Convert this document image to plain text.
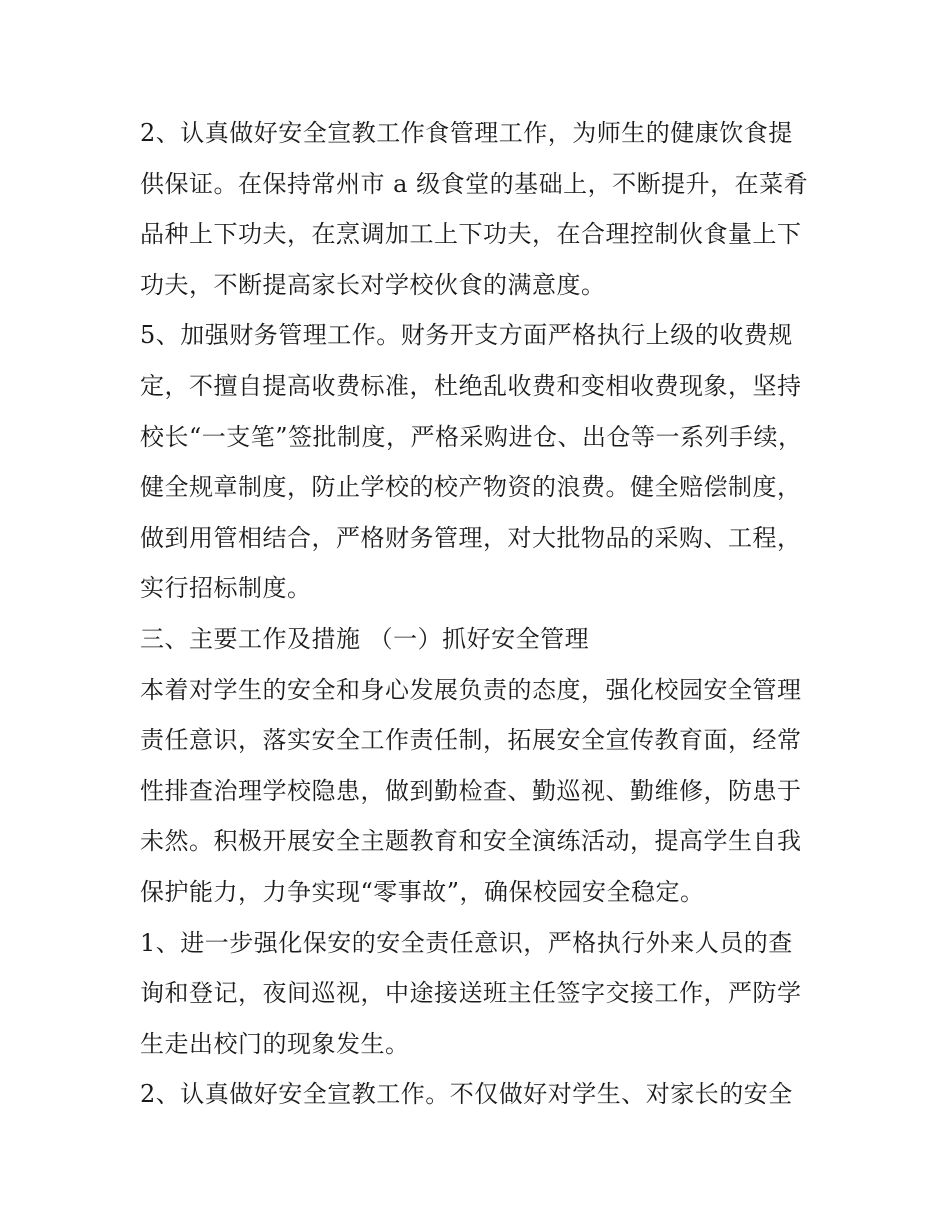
2、认真做好安全宣教工作食管理工作，为师生的健康饮食提
供保证。在保持常州市 a 级食堂的基础上，不断提升，在菜肴
品种上下功夫，在烹调加工上下功夫，在合理控制伙食量上下
功夫，不断提高家长对学校伙食的满意度。
5、加强财务管理工作。财务开支方面严格执行上级的收费规
定，不擅自提高收费标准，杜绝乱收费和变相收费现象，坚持
校长“一支笔”签批制度，严格采购进仓、出仓等一系列手续，
健全规章制度，防止学校的校产物资的浪费。健全赔偿制度，
做到用管相结合，严格财务管理，对大批物品的采购、工程，
实行招标制度。
三、主要工作及措施 （一）抓好安全管理
本着对学生的安全和身心发展负责的态度，强化校园安全管理
责任意识，落实安全工作责任制，拓展安全宣传教育面，经常
性排查治理学校隐患，做到勤检查、勤巡视、勤维修，防患于
未然。积极开展安全主题教育和安全演练活动，提高学生自我
保护能力，力争实现“零事故”，确保校园安全稳定。
1、进一步强化保安的安全责任意识，严格执行外来人员的查
询和登记，夜间巡视，中途接送班主任签字交接工作，严防学
生走出校门的现象发生。
2、认真做好安全宣教工作。不仅做好对学生、对家长的安全
